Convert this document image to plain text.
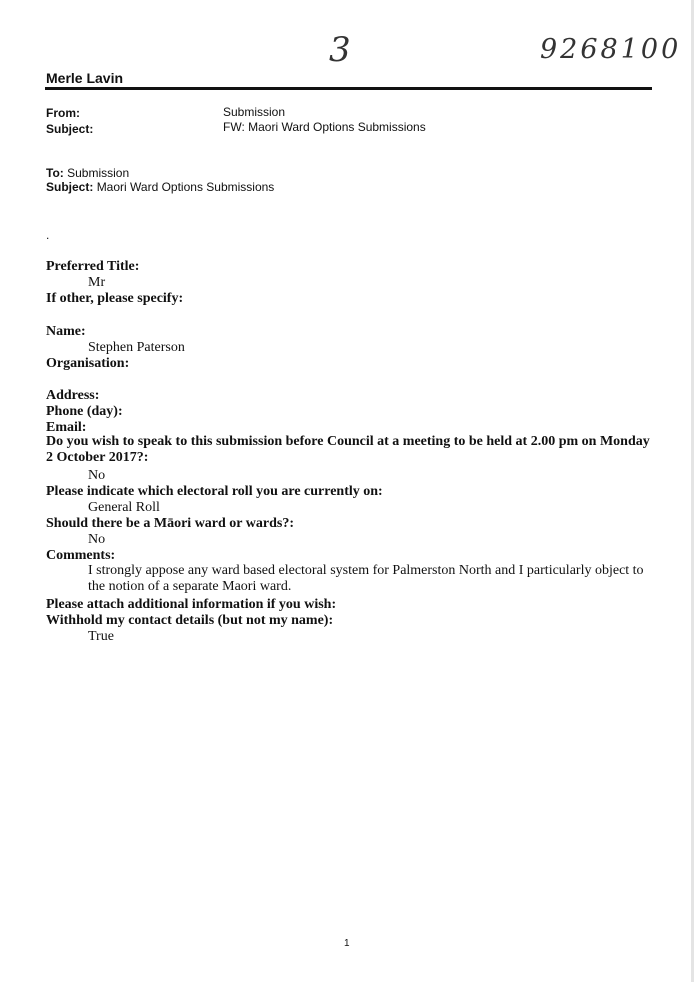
3	9268100
Merle Lavin
From:	Submission
Subject:	FW: Maori Ward Options Submissions
To: Submission
Subject: Maori Ward Options Submissions
.
Preferred Title:
Mr
If other, please specify:
Name:
Stephen Paterson
Organisation:
Address:
Phone (day):
Email:
Do you wish to speak to this submission before Council at a meeting to be held at 2.00 pm on Monday 2 October 2017?:
No
Please indicate which electoral roll you are currently on:
General Roll
Should there be a Māori ward or wards?:
No
Comments:
I strongly appose any ward based electoral system for Palmerston North and I particularly object to the notion of a separate Maori ward.
Please attach additional information if you wish:
Withhold my contact details (but not my name):
True
1
